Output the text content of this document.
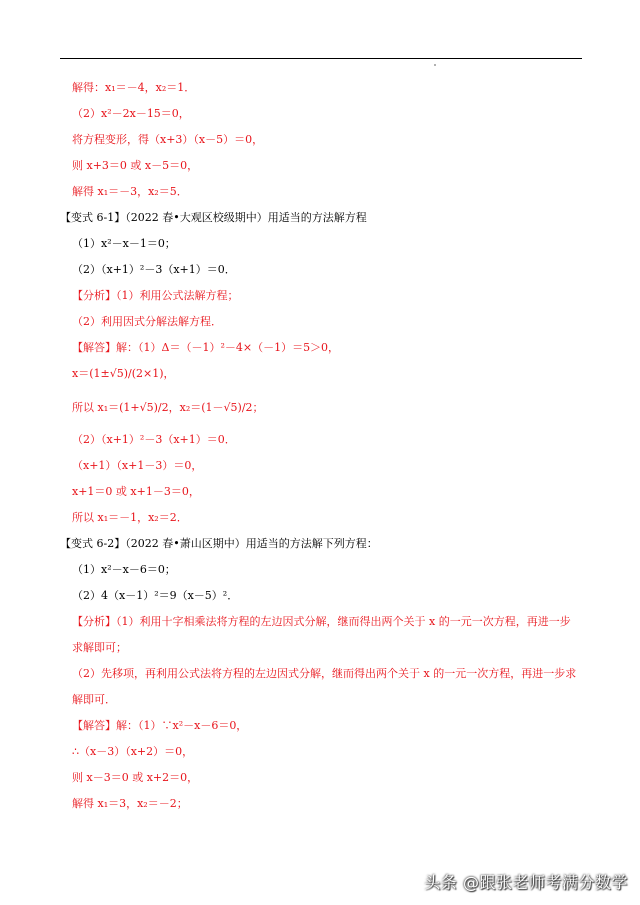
解得：x₁＝－4，x₂＝1．
（2）x²－2x－15＝0，
将方程变形，得（x+3）（x－5）＝0，
则 x+3＝0 或 x－5＝0，
解得 x₁＝－3，x₂＝5．
【变式 6-1】（2022 春•大观区校级期中）用适当的方法解方程
（1）x²－x－1＝0；
（2）（x+1）²－3（x+1）＝0．
【分析】（1）利用公式法解方程；
（2）利用因式分解法解方程．
【解答】解：（1）Δ＝（－1）²－4×（－1）＝5＞0，
x＝(1±√5)/(2×1)，
所以 x₁＝(1+√5)/2，x₂＝(1－√5)/2；
（2）（x+1）²－3（x+1）＝0．
（x+1）（x+1－3）＝0，
x+1＝0 或 x+1－3＝0，
所以 x₁＝－1，x₂＝2．
【变式 6-2】（2022 春•萧山区期中）用适当的方法解下列方程：
（1）x²－x－6＝0；
（2）4（x－1）²＝9（x－5）²．
【分析】（1）利用十字相乘法将方程的左边因式分解，继而得出两个关于 x 的一元一次方程，再进一步
求解即可；
（2）先移项，再利用公式法将方程的左边因式分解，继而得出两个关于 x 的一元一次方程，再进一步求
解即可．
【解答】解：（1）∵x²－x－6＝0，
∴（x－3）（x+2）＝0，
则 x－3＝0 或 x+2＝0，
解得 x₁＝3，x₂＝－2；
头条 @跟张老师考满分数学
